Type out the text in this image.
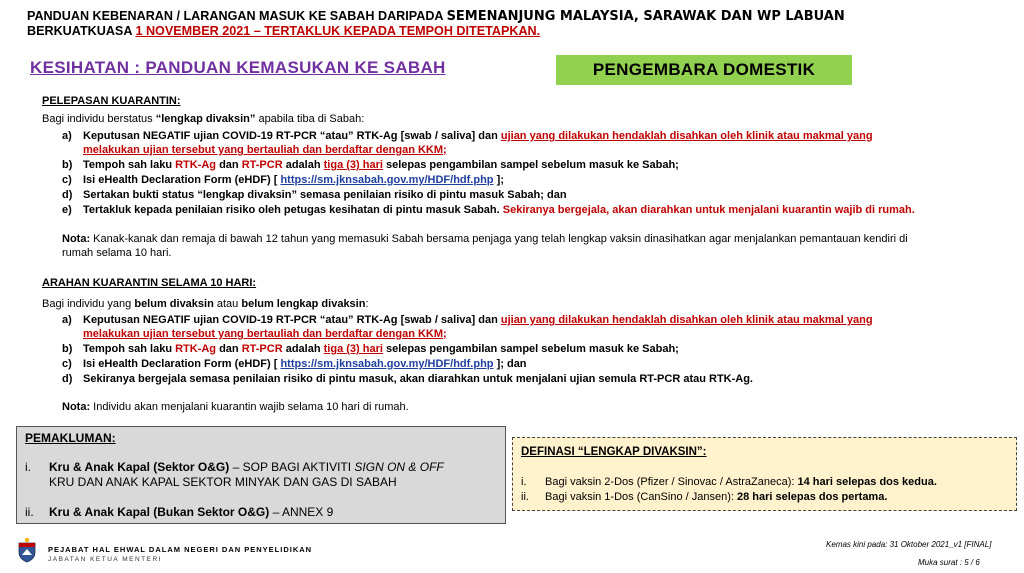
PANDUAN KEBENARAN / LARANGAN MASUK KE SABAH DARIPADA SEMENANJUNG MALAYSIA, SARAWAK DAN WP LABUAN
BERKUATKUASA 1 NOVEMBER 2021 – TERTAKLUK KEPADA TEMPOH DITETAPKAN.
KESIHATAN : PANDUAN KEMASUKAN KE SABAH	PENGEMBARA DOMESTIK
PELEPASAN KUARANTIN:
Bagi individu berstatus “lengkap divaksin” apabila tiba di Sabah:
a) Keputusan NEGATIF ujian COVID-19 RT-PCR “atau” RTK-Ag [swab / saliva] dan ujian yang dilakukan hendaklah disahkan oleh klinik atau makmal yang
melakukan ujian tersebut yang bertauliah dan berdaftar dengan KKM;
b) Tempoh sah laku RTK-Ag dan RT-PCR adalah tiga (3) hari selepas pengambilan sampel sebelum masuk ke Sabah;
c) Isi eHealth Declaration Form (eHDF) [ https://sm.jknsabah.gov.my/HDF/hdf.php ];
d) Sertakan bukti status “lengkap divaksin” semasa penilaian risiko di pintu masuk Sabah; dan
e) Tertakluk kepada penilaian risiko oleh petugas kesihatan di pintu masuk Sabah. Sekiranya bergejala, akan diarahkan untuk menjalani kuarantin wajib di rumah.
Nota: Kanak-kanak dan remaja di bawah 12 tahun yang memasuki Sabah bersama penjaga yang telah lengkap vaksin dinasihatkan agar menjalankan pemantauan kendiri di
rumah selama 10 hari.
ARAHAN KUARANTIN SELAMA 10 HARI:
Bagi individu yang belum divaksin atau belum lengkap divaksin:
a) Keputusan NEGATIF ujian COVID-19 RT-PCR “atau” RTK-Ag [swab / saliva] dan ujian yang dilakukan hendaklah disahkan oleh klinik atau makmal yang
melakukan ujian tersebut yang bertauliah dan berdaftar dengan KKM;
b) Tempoh sah laku RTK-Ag dan RT-PCR adalah tiga (3) hari selepas pengambilan sampel sebelum masuk ke Sabah;
c) Isi eHealth Declaration Form (eHDF) [ https://sm.jknsabah.gov.my/HDF/hdf.php ]; dan
d) Sekiranya bergejala semasa penilaian risiko di pintu masuk, akan diarahkan untuk menjalani ujian semula RT-PCR atau RTK-Ag.
Nota: Individu akan menjalani kuarantin wajib selama 10 hari di rumah.
PEMAKLUMAN:
i. Kru & Anak Kapal (Sektor O&G) – SOP BAGI AKTIVITI SIGN ON & OFF
KRU DAN ANAK KAPAL SEKTOR MINYAK DAN GAS DI SABAH
ii. Kru & Anak Kapal (Bukan Sektor O&G) – ANNEX 9
DEFINASI “LENGKAP DIVAKSIN”:
i. Bagi vaksin 2-Dos (Pfizer / Sinovac / AstraZaneca): 14 hari selepas dos kedua.
ii. Bagi vaksin 1-Dos (CanSino / Jansen): 28 hari selepas dos pertama.
PEJABAT HAL EHWAL DALAM NEGERI DAN PENYELIDIKAN
JABATAN KETUA MENTERI
Kemas kini pada: 31 Oktober 2021_v1 [FINAL]
Muka surat : 5 / 6
